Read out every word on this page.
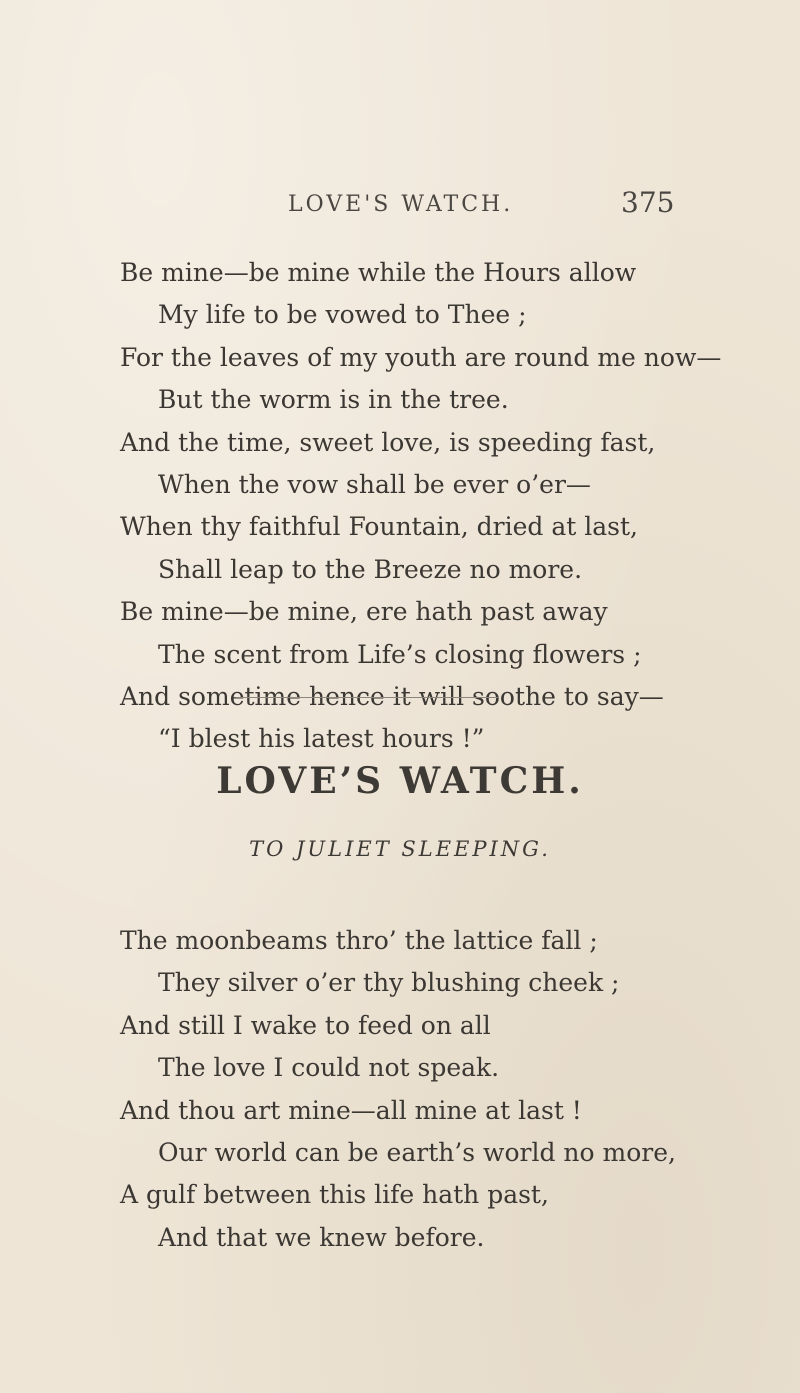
LOVE'S WATCH.	375
Be mine—be mine while the Hours allow
My life to be vowed to Thee ;
For the leaves of my youth are round me now—
But the worm is in the tree.
And the time, sweet love, is speeding fast,
When the vow shall be ever o’er—
When thy faithful Fountain, dried at last,
Shall leap to the Breeze no more.
Be mine—be mine, ere hath past away
The scent from Life’s closing flowers ;
And sometime hence it will soothe to say—
“I blest his latest hours !”
LOVE’S WATCH.
TO JULIET SLEEPING.
The moonbeams thro’ the lattice fall ;
They silver o’er thy blushing cheek ;
And still I wake to feed on all
The love I could not speak.
And thou art mine—all mine at last !
Our world can be earth’s world no more,
A gulf between this life hath past,
And that we knew before.
